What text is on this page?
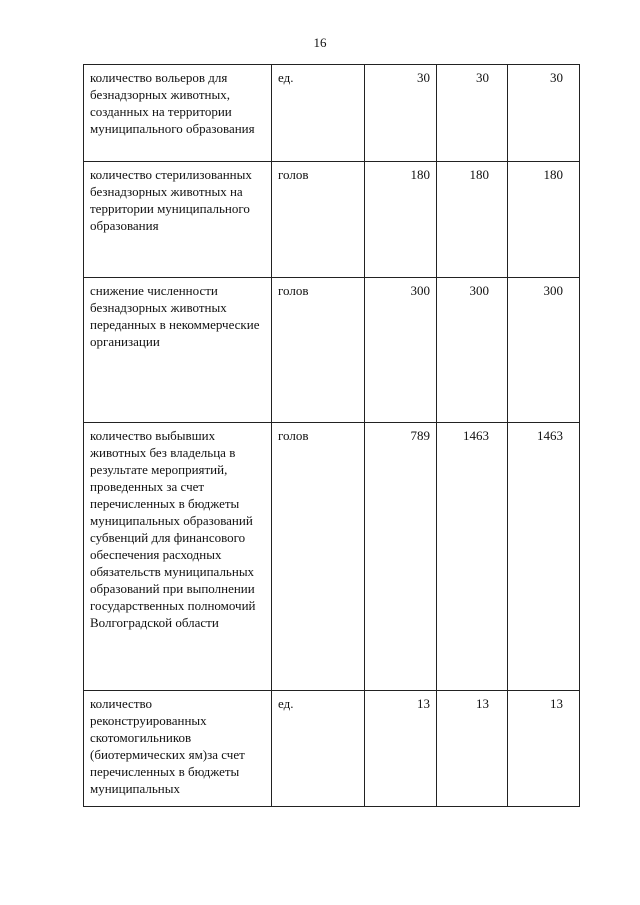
16
количество вольеров для безнадзорных животных, созданных на территории муниципального образования	ед.	30	30	30
количество стерилизованных безнадзорных животных на территории муниципального образования	голов	180	180	180
снижение численности безнадзорных животных переданных в некоммерческие организации	голов	300	300	300
количество выбывших животных без владельца в результате мероприятий, проведенных за счет перечисленных в бюджеты муниципальных образований субвенций для финансового обеспечения расходных обязательств муниципальных образований при выполнении государственных полномочий Волгоградской области	голов	789	1463	1463
количество реконструированных скотомогильников (биотермических ям)за счет перечисленных в бюджеты муниципальных	ед.	13	13	13
